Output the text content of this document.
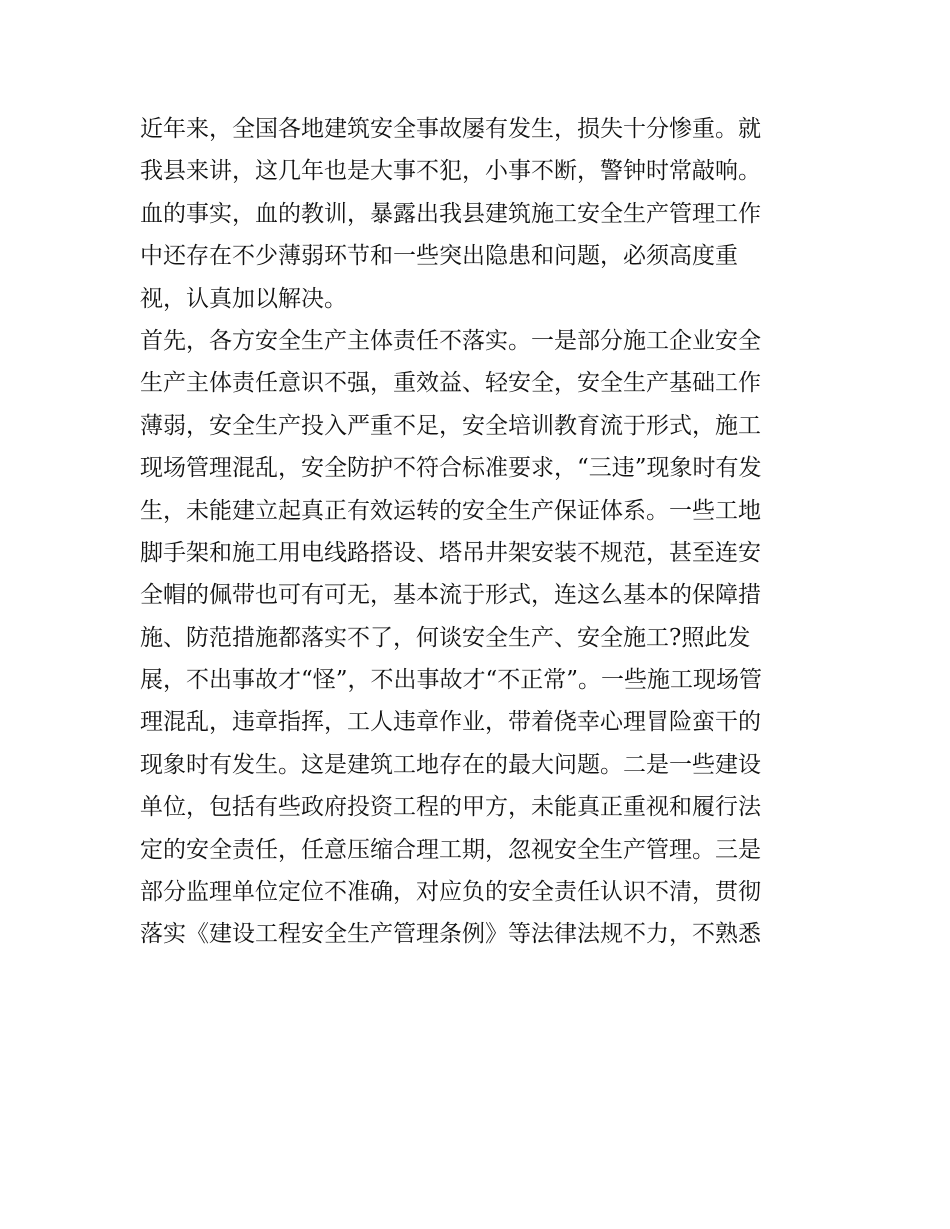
近年来，全国各地建筑安全事故屡有发生，损失十分惨重。就
我县来讲，这几年也是大事不犯，小事不断，警钟时常敲响。
血的事实，血的教训，暴露出我县建筑施工安全生产管理工作
中还存在不少薄弱环节和一些突出隐患和问题，必须高度重
视，认真加以解决。
首先，各方安全生产主体责任不落实。一是部分施工企业安全
生产主体责任意识不强，重效益、轻安全，安全生产基础工作
薄弱，安全生产投入严重不足，安全培训教育流于形式，施工
现场管理混乱，安全防护不符合标准要求，“三违”现象时有发
生，未能建立起真正有效运转的安全生产保证体系。一些工地
脚手架和施工用电线路搭设、塔吊井架安装不规范，甚至连安
全帽的佩带也可有可无，基本流于形式，连这么基本的保障措
施、防范措施都落实不了，何谈安全生产、安全施工?照此发
展，不出事故才“怪”，不出事故才“不正常”。一些施工现场管
理混乱，违章指挥，工人违章作业，带着侥幸心理冒险蛮干的
现象时有发生。这是建筑工地存在的最大问题。二是一些建设
单位，包括有些政府投资工程的甲方，未能真正重视和履行法
定的安全责任，任意压缩合理工期，忽视安全生产管理。三是
部分监理单位定位不准确，对应负的安全责任认识不清，贯彻
落实《建设工程安全生产管理条例》等法律法规不力，不熟悉
